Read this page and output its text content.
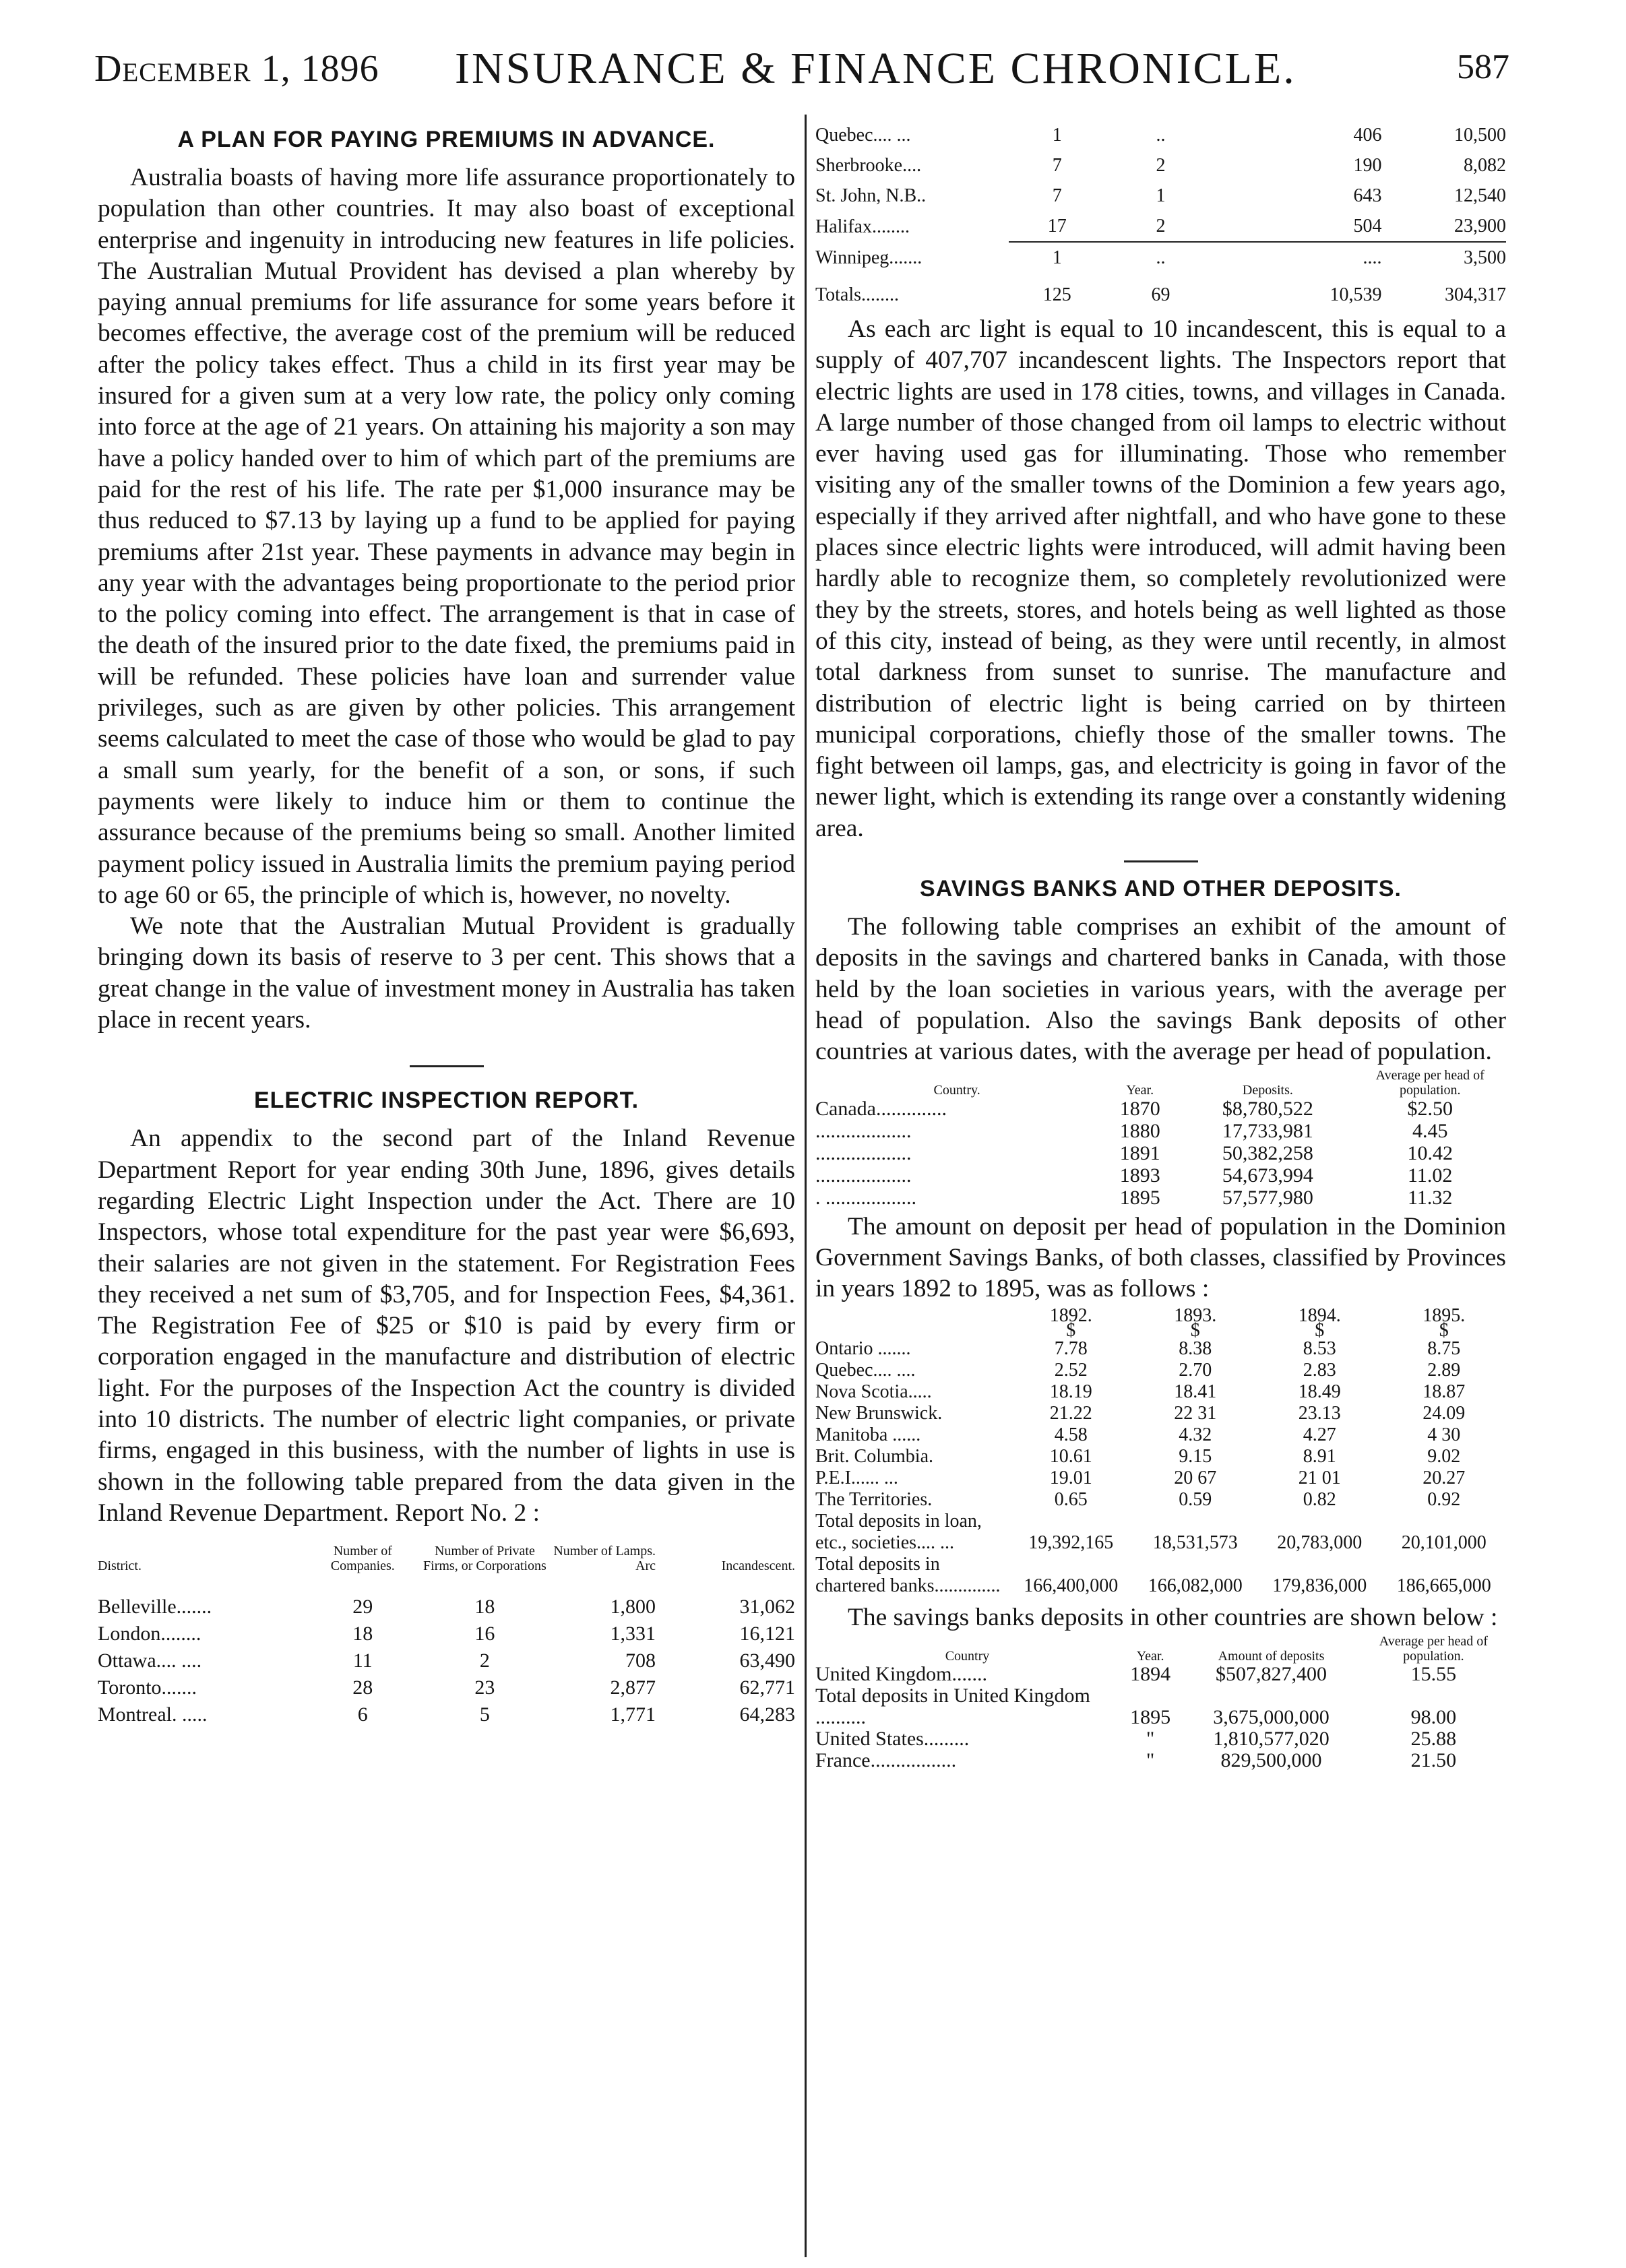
December 1, 1896 INSURANCE & FINANCE CHRONICLE.	587
A PLAN FOR PAYING PREMIUMS IN ADVANCE.

Australia boasts of having more life assurance proportionately to population than other countries. It may also boast of exceptional enterprise and ingenuity in introducing new features in life policies. The Australian Mutual Provident has devised a plan whereby by paying annual premiums for life assurance for some years before it becomes effective, the average cost of the premium will be reduced after the policy takes effect. Thus a child in its first year may be insured for a given sum at a very low rate, the policy only coming into force at the age of 21 years. On attaining his majority a son may have a policy handed over to him of which part of the premiums are paid for the rest of his life. The rate per $1,000 insurance may be thus reduced to $7.13 by laying up a fund to be applied for paying premiums after 21st year. These payments in advance may begin in any year with the advantages being proportionate to the period prior to the policy coming into effect. The arrangement is that in case of the death of the insured prior to the date fixed, the premiums paid in will be refunded. These policies have loan and surrender value privileges, such as are given by other policies. This arrangement seems calculated to meet the case of those who would be glad to pay a small sum yearly, for the benefit of a son, or sons, if such payments were likely to induce him or them to continue the assurance because of the premiums being so small. Another limited payment policy issued in Australia limits the premium paying period to age 60 or 65, the principle of which is, however, no novelty.

We note that the Australian Mutual Provident is gradually bringing down its basis of reserve to 3 per cent. This shows that a great change in the value of investment money in Australia has taken place in recent years.

ELECTRIC INSPECTION REPORT.

An appendix to the second part of the Inland Revenue Department Report for year ending 30th June, 1896, gives details regarding Electric Light Inspection under the Act. There are 10 Inspectors, whose total expenditure for the past year were $6,693, their salaries are not given in the statement. For Registration Fees they received a net sum of $3,705, and for Inspection Fees, $4,361. The Registration Fee of $25 or $10 is paid by every firm or corporation engaged in the manufacture and distribution of electric light. For the purposes of the Inspection Act the country is divided into 10 districts. The number of electric light companies, or private firms, engaged in this business, with the number of lights in use is shown in the following table prepared from the data given in the Inland Revenue Department. Report No. 2 :

District.	Number of Companies.	Number of Private Firms, or Corporations	Number of Lamps. Arc	Incandescent.

Belleville.......	29	18	1,800	31,062
London........	18	16	1,331	16,121
Ottawa.... ....	11	2	708	63,490
Toronto.......	28	23	2,877	62,771
Montreal. .....	6	5	1,771	64,283
Quebec.... ...	1	..	406	10,500
Sherbrooke....	7	2	190	8,082
St. John, N.B..	7	1	643	12,540
Halifax........	17	2	504	23,900
Winnipeg.......	1	..	....	3,500
Totals........	125	69	10,539	304,317

As each arc light is equal to 10 incandescent, this is equal to a supply of 407,707 incandescent lights. The Inspectors report that electric lights are used in 178 cities, towns, and villages in Canada. A large number of those changed from oil lamps to electric without ever having used gas for illuminating. Those who remember visiting any of the smaller towns of the Dominion a few years ago, especially if they arrived after nightfall, and who have gone to these places since electric lights were introduced, will admit having been hardly able to recognize them, so completely revolutionized were they by the streets, stores, and hotels being as well lighted as those of this city, instead of being, as they were until recently, in almost total darkness from sunset to sunrise. The manufacture and distribution of electric light is being carried on by thirteen municipal corporations, chiefly those of the smaller towns. The fight between oil lamps, gas, and electricity is going in favor of the newer light, which is extending its range over a constantly widening area.

SAVINGS BANKS AND OTHER DEPOSITS.

The following table comprises an exhibit of the amount of deposits in the savings and chartered banks in Canada, with those held by the loan societies in various years, with the average per head of population. Also the savings Bank deposits of other countries at various dates, with the average per head of population.

Country.	Year.	Deposits.	Average per head of population.
Canada..............	1870	$8,780,522	$2.50
...................	1880	17,733,981	4.45
...................	1891	50,382,258	10.42
...................	1893	54,673,994	11.02
. ..................	1895	57,577,980	11.32

The amount on deposit per head of population in the Dominion Government Savings Banks, of both classes, classified by Provinces in years 1892 to 1895, was as follows :

	1892.	1893.	1894.	1895.
	$	$	$	$
Ontario .......	7.78	8.38	8.53	8.75
Quebec.... ....	2.52	2.70	2.83	2.89
Nova Scotia.....	18.19	18.41	18.49	18.87
New Brunswick.	21.22	22 31	23.13	24.09
Manitoba ......	4.58	4.32	4.27	4 30
Brit. Columbia.	10.61	9.15	8.91	9.02
P.E.I...... ...	19.01	20 67	21 01	20.27
The Territories.	0.65	0.59	0.82	0.92
Total deposits in loan, etc., societies.... ...	19,392,165	18,531,573	20,783,000	20,101,000
Total deposits in chartered banks..............	166,400,000	166,082,000	179,836,000	186,665,000

The savings banks deposits in other countries are shown below :

Country	Year.	Amount of deposits	Average per head of population.
United Kingdom.......	1894	$507,827,400	15.55
Total deposits in United Kingdom ..........	1895	3,675,000,000	98.00
United States.........	"	1,810,577,020	25.88
France.................	"	829,500,000	21.50
